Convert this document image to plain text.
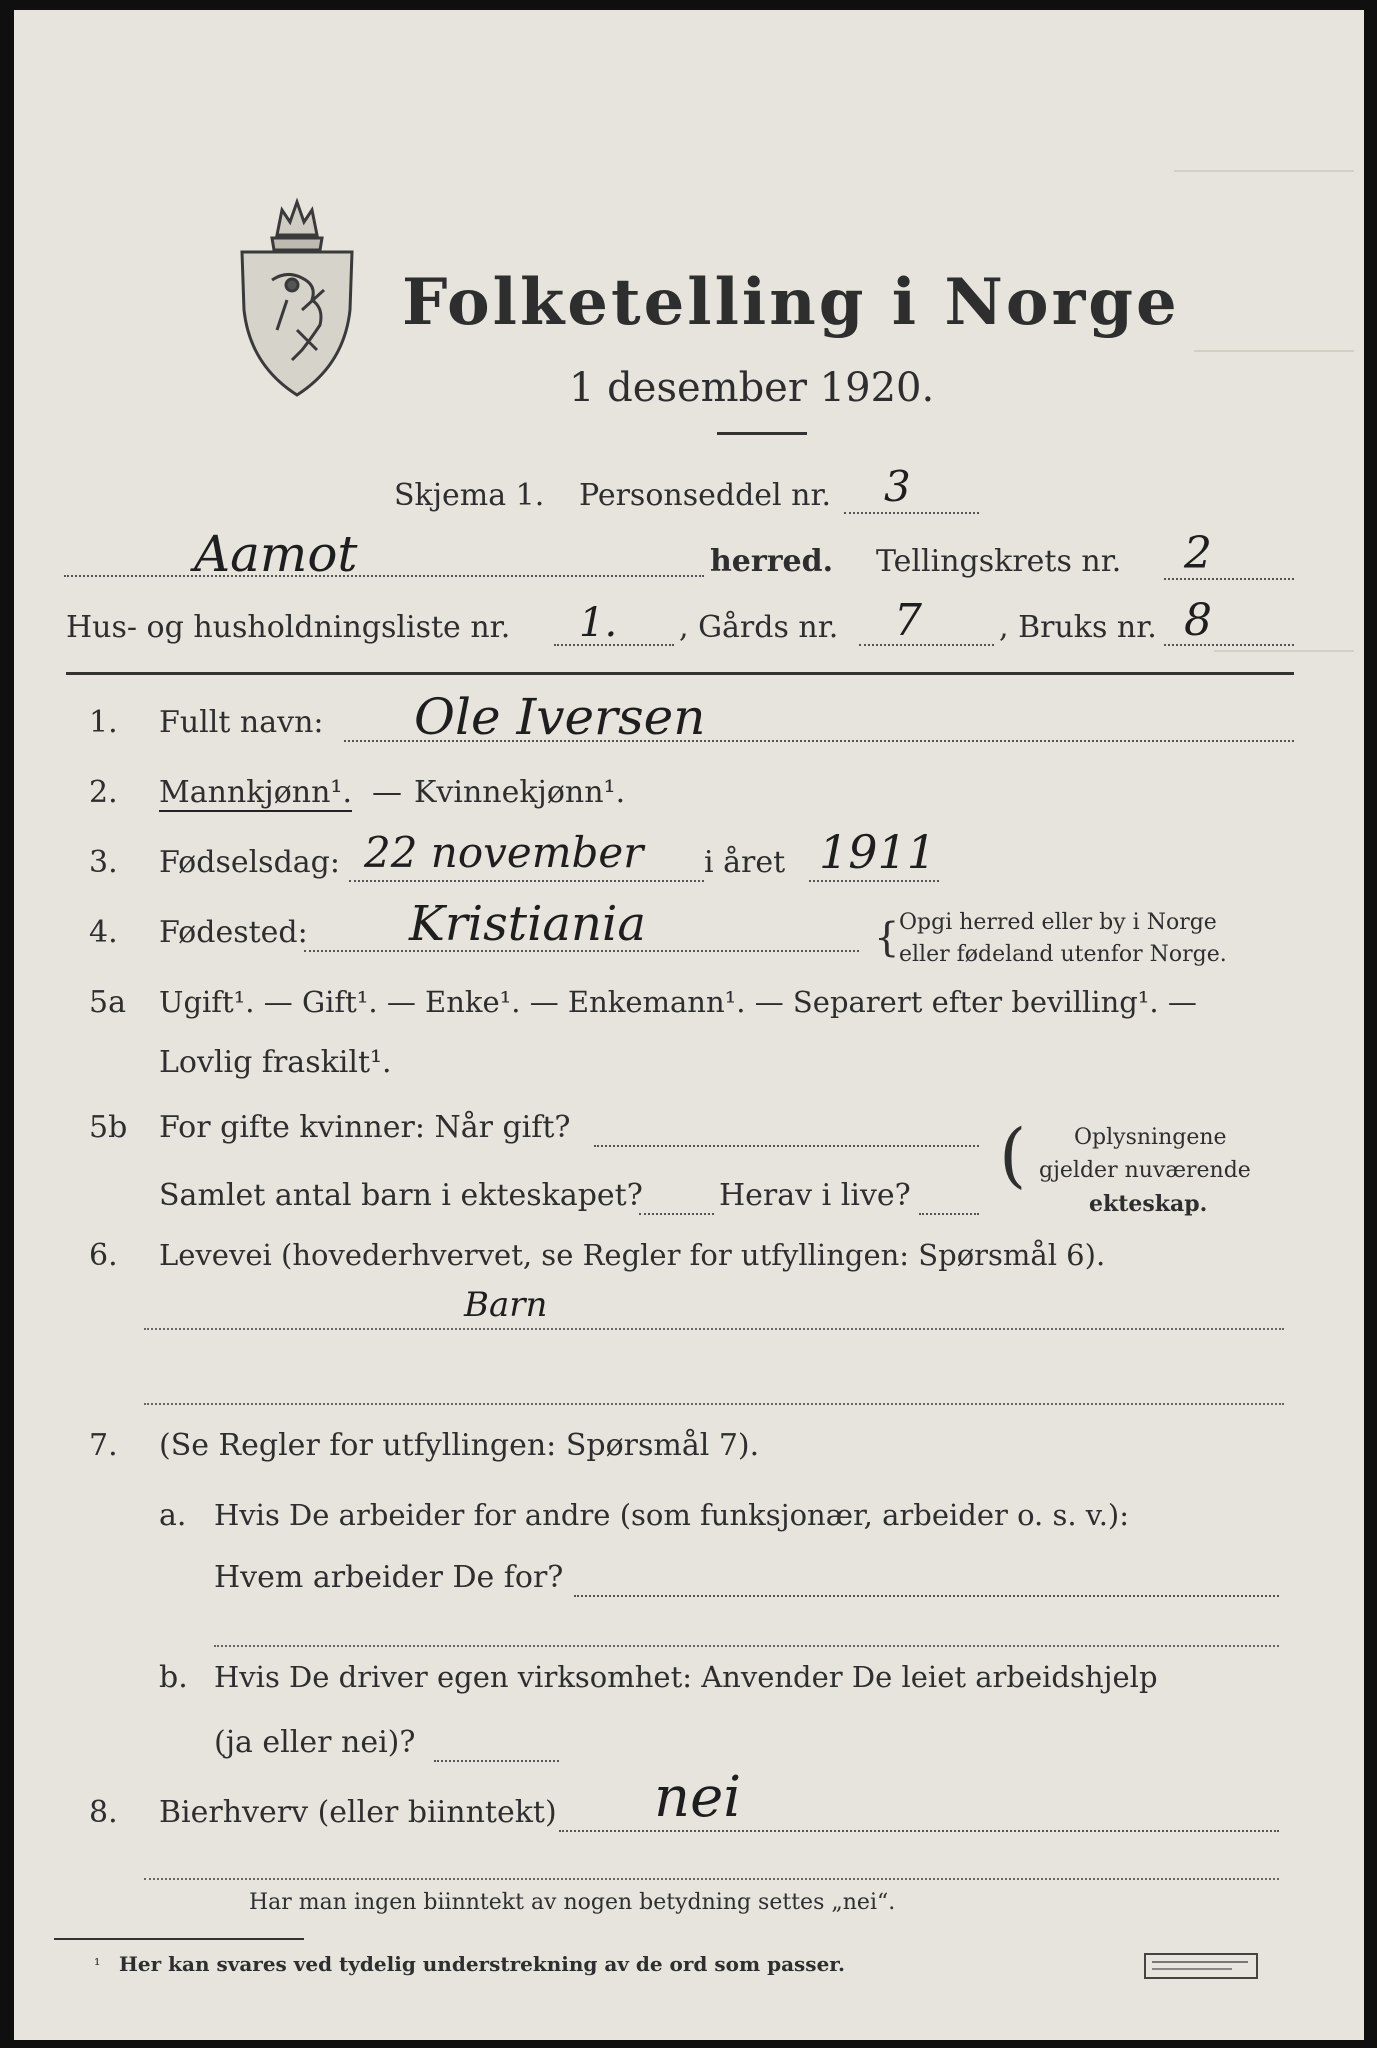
Folketelling i Norge
1 desember 1920.
Skjema 1. Personseddel nr. 3
Aamot	herred. Tellingskrets nr. 2
Hus- og husholdningsliste nr. 1. , Gårds nr. 7	, Bruks nr. 8
1. Fullt navn: Ole Iversen
2. Mannkjønn¹. — Kvinnekjønn¹.
3. Fødselsdag: 22 november i året 1911
4. Fødested: Kristiania	{ Opgi herred eller by i Norge
eller fødeland utenfor Norge.
5a Ugift¹. — Gift¹. — Enke¹. — Enkemann¹. — Separert efter bevilling¹. —
Lovlig fraskilt¹.
5b For gifte kvinner: Når gift?
Samlet antal barn i ekteskapet?	Herav i live? ( Oplysningene
gjelder nuværende
ekteskap.
6. Levevei (hovederhvervet, se Regler for utfyllingen: Spørsmål 6).
Barn
7. (Se Regler for utfyllingen: Spørsmål 7).
a. Hvis De arbeider for andre (som funksjonær, arbeider o. s. v.):
Hvem arbeider De for?
b. Hvis De driver egen virksomhet: Anvender De leiet arbeidshjelp
(ja eller nei)?
8. Bierhverv (eller biinntekt) nei
Har man ingen biinntekt av nogen betydning settes „nei“.
¹ Her kan svares ved tydelig understrekning av de ord som passer.
